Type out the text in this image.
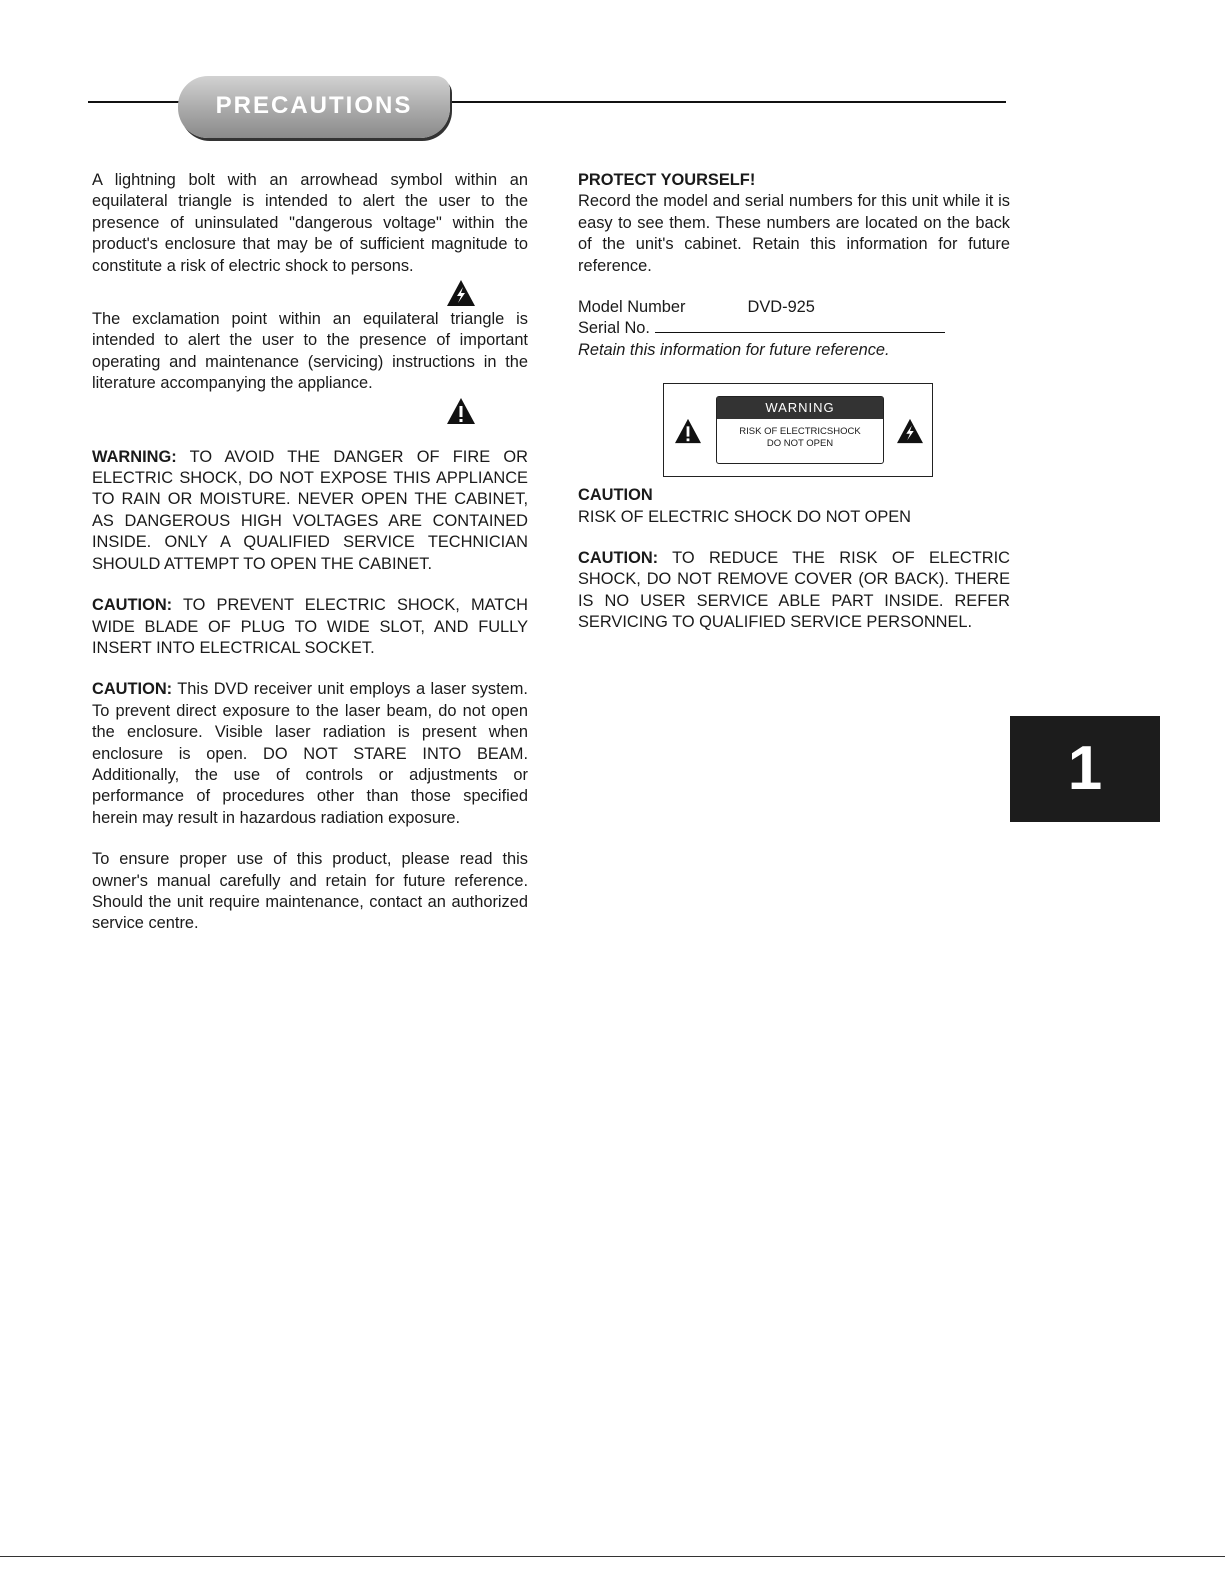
PRECAUTIONS

A lightning bolt with an arrowhead symbol within an equilateral triangle is intended to alert the user to the presence of uninsulated "dangerous voltage" within the product's enclosure that may be of sufficient magnitude to constitute a risk of electric shock to persons.

The exclamation point within an equilateral triangle is intended to alert the user to the presence of important operating and maintenance (servicing) instructions in the literature accompanying the appliance.

WARNING: TO AVOID THE DANGER OF FIRE OR ELECTRIC SHOCK, DO NOT EXPOSE THIS APPLIANCE TO RAIN OR MOISTURE. NEVER OPEN THE CABINET, AS DANGEROUS HIGH VOLTAGES ARE CONTAINED INSIDE. ONLY A QUALIFIED SERVICE TECHNICIAN SHOULD ATTEMPT TO OPEN THE CABINET.

CAUTION: TO PREVENT ELECTRIC SHOCK, MATCH WIDE BLADE OF PLUG TO WIDE SLOT, AND FULLY INSERT INTO ELECTRICAL SOCKET.

CAUTION: This DVD receiver unit employs a laser system. To prevent direct exposure to the laser beam, do not open the enclosure. Visible laser radiation is present when enclosure is open. DO NOT STARE INTO BEAM. Additionally, the use of controls or adjustments or performance of procedures other than those specified herein may result in hazardous radiation exposure.

To ensure proper use of this product, please read this owner's manual carefully and retain for future reference. Should the unit require maintenance, contact an authorized service centre.

PROTECT YOURSELF!

Record the model and serial numbers for this unit while it is easy to see them. These numbers are located on the back of the unit's cabinet. Retain this information for future reference.

Model Number	DVD-925

Serial No.

Retain this information for future reference.

WARNING
RISK OF ELECTRICSHOCK
DO NOT OPEN

CAUTION

RISK OF ELECTRIC SHOCK DO NOT OPEN

CAUTION: TO REDUCE THE RISK OF ELECTRIC SHOCK, DO NOT REMOVE COVER (OR BACK). THERE IS NO USER SERVICE ABLE PART INSIDE. REFER SERVICING TO QUALIFIED SERVICE PERSONNEL.

1
